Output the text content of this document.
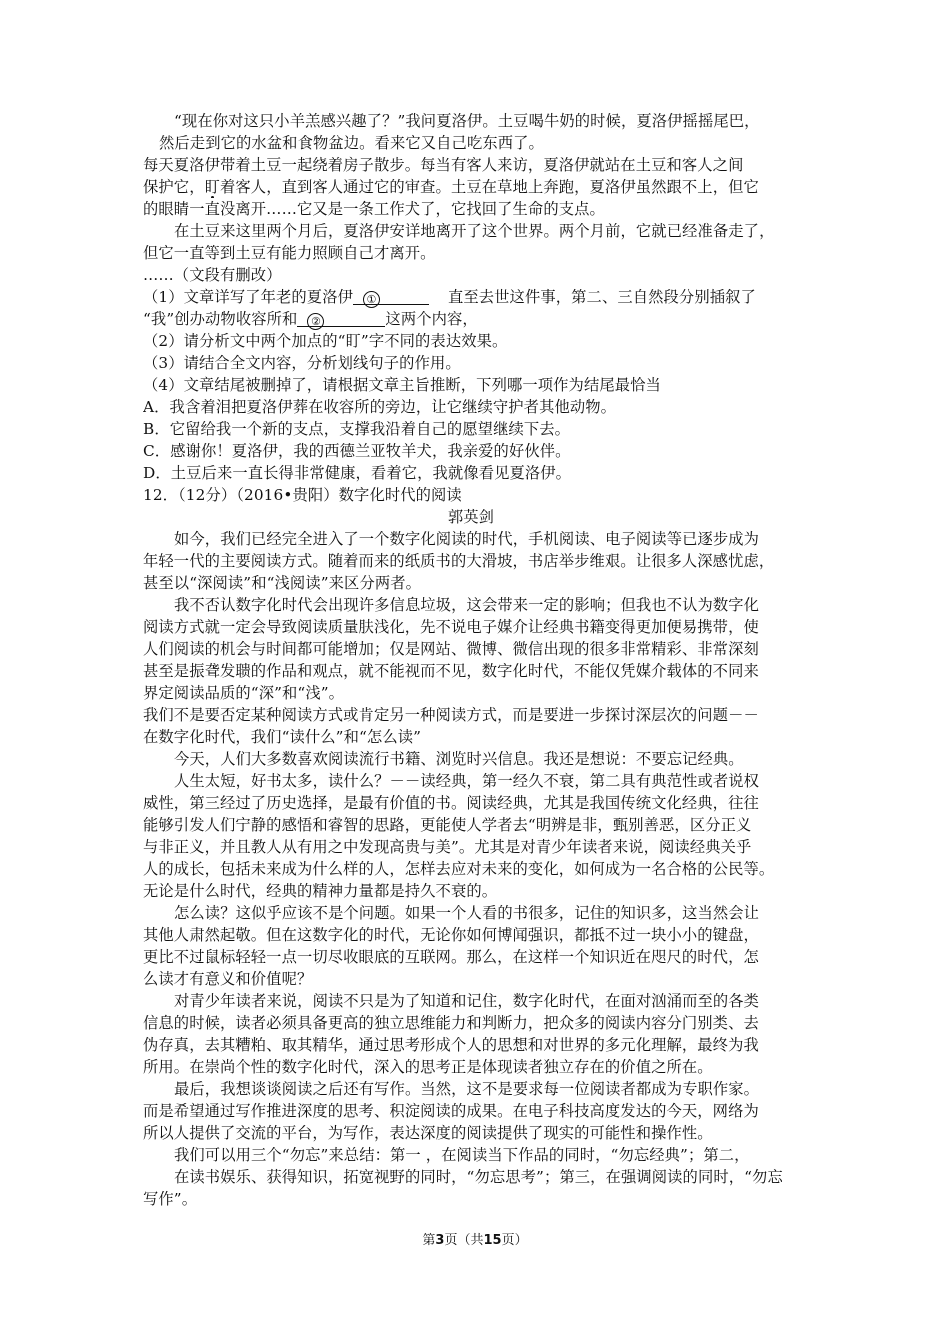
“现在你对这只小羊羔感兴趣了？”我问夏洛伊。土豆喝牛奶的时候，夏洛伊摇摇尾巴，
然后走到它的水盆和食物盆边。看来它又自己吃东西了。
每天夏洛伊带着土豆一起绕着房子散步。每当有客人来访，夏洛伊就站在土豆和客人之间
保护它，盯着客人，直到客人通过它的审查。土豆在草地上奔跑，夏洛伊虽然跟不上，但它
的眼睛一直没离开……它又是一条工作犬了，它找回了生命的支点。
在土豆来这里两个月后，夏洛伊安详地离开了这个世界。两个月前，它就已经准备走了，
但它一直等到土豆有能力照顾自己才离开。
……（文段有删改）
（1）文章详写了年老的夏洛伊 ①	直至去世这件事，第二、三自然段分别插叙了
“我”创办动物收容所和 ②	这两个内容，
（2）请分析文中两个加点的“盯”字不同的表达效果。
（3）请结合全文内容，分析划线句子的作用。
（4）文章结尾被删掉了，请根据文章主旨推断，下列哪一项作为结尾最恰当
A．我含着泪把夏洛伊葬在收容所的旁边，让它继续守护者其他动物。
B．它留给我一个新的支点，支撑我沿着自己的愿望继续下去。
C．感谢你！夏洛伊，我的西德兰亚牧羊犬，我亲爱的好伙伴。
D．土豆后来一直长得非常健康，看着它，我就像看见夏洛伊。
12．（12分）（2016•贵阳）数字化时代的阅读
郭英剑
如今，我们已经完全进入了一个数字化阅读的时代，手机阅读、电子阅读等已逐步成为
年轻一代的主要阅读方式。随着而来的纸质书的大滑坡，书店举步维艰。让很多人深感忧虑，
甚至以“深阅读”和“浅阅读”来区分两者。
我不否认数字化时代会出现许多信息垃圾，这会带来一定的影响；但我也不认为数字化
阅读方式就一定会导致阅读质量肤浅化，先不说电子媒介让经典书籍变得更加便易携带，使
人们阅读的机会与时间都可能增加；仅是网站、微博、微信出现的很多非常精彩、非常深刻
甚至是振聋发聩的作品和观点，就不能视而不见，数字化时代，不能仅凭媒介载体的不同来
界定阅读品质的“深”和“浅”。
我们不是要否定某种阅读方式或肯定另一种阅读方式，而是要进一步探讨深层次的问题－－
在数字化时代，我们“读什么”和“怎么读”
今天，人们大多数喜欢阅读流行书籍、浏览时兴信息。我还是想说：不要忘记经典。
人生太短，好书太多，读什么？－－读经典，第一经久不衰，第二具有典范性或者说权
威性，第三经过了历史选择，是最有价值的书。阅读经典，尤其是我国传统文化经典，往往
能够引发人们宁静的感悟和睿智的思路，更能使人学者去“明辨是非，甄别善恶，区分正义
与非正义，并且教人从有用之中发现高贵与美”。尤其是对青少年读者来说，阅读经典关乎
人的成长，包括未来成为什么样的人，怎样去应对未来的变化，如何成为一名合格的公民等。
无论是什么时代，经典的精神力量都是持久不衰的。
怎么读？这似乎应该不是个问题。如果一个人看的书很多，记住的知识多，这当然会让
其他人肃然起敬。但在这数字化的时代，无论你如何博闻强识，都抵不过一块小小的键盘，
更比不过鼠标轻轻一点一切尽收眼底的互联网。那么，在这样一个知识近在咫尺的时代，怎
么读才有意义和价值呢？
对青少年读者来说，阅读不只是为了知道和记住，数字化时代，在面对汹涌而至的各类
信息的时候，读者必须具备更高的独立思维能力和判断力，把众多的阅读内容分门别类、去
伪存真，去其糟粕、取其精华，通过思考形成个人的思想和对世界的多元化理解，最终为我
所用。在崇尚个性的数字化时代，深入的思考正是体现读者独立存在的价值之所在。
最后，我想谈谈阅读之后还有写作。当然，这不是要求每一位阅读者都成为专职作家。
而是希望通过写作推进深度的思考、积淀阅读的成果。在电子科技高度发达的今天，网络为
所以人提供了交流的平台，为写作，表达深度的阅读提供了现实的可能性和操作性。
我们可以用三个“勿忘”来总结：第一 ，在阅读当下作品的同时，“勿忘经典”；第二，
在读书娱乐、获得知识，拓宽视野的同时，“勿忘思考”；第三，在强调阅读的同时，“勿忘
写作”。
第3页（共15页）
